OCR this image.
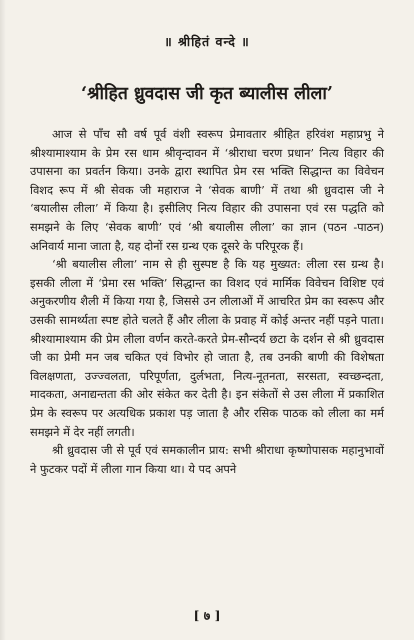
॥ श्रीहितं वन्दे ॥
‘श्रीहित ध्रुवदास जी कृत ब्यालीस लीला’

आज से पाँच सौ वर्ष पूर्व वंशी स्वरूप प्रेमावतार श्रीहित हरिवंश महाप्रभु ने श्रीश्यामाश्याम के प्रेम रस धाम श्रीवृन्दावन में ‘श्रीराधा चरण प्रधान’ नित्य विहार की उपासना का प्रवर्तन किया। उनके द्वारा स्थापित प्रेम रस भक्ति सिद्धान्त का विवेचन विशद रूप में श्री सेवक जी महाराज ने ‘सेवक बाणी’ में तथा श्री ध्रुवदास जी ने ‘बयालीस लीला’ में किया है। इसीलिए नित्य विहार की उपासना एवं रस पद्धति को समझने के लिए ‘सेवक बाणी’ एवं ‘श्री बयालीस लीला’ का ज्ञान (पठन -पाठन) अनिवार्य माना जाता है, यह दोनों रस ग्रन्थ एक दूसरे के परिपूरक हैं।

‘श्री बयालीस लीला’ नाम से ही सुस्पष्ट है कि यह मुख्यत: लीला रस ग्रन्थ है। इसकी लीला में ‘प्रेमा रस भक्ति’ सिद्धान्त का विशद एवं मार्मिक विवेचन विशिष्ट एवं अनुकरणीय शैली में किया गया है, जिससे उन लीलाओं में आचरित प्रेम का स्वरूप और उसकी सामर्थ्यता स्पष्ट होते चलते हैं और लीला के प्रवाह में कोई अन्तर नहीं पड़ने पाता। श्रीश्यामाश्याम की प्रेम लीला वर्णन करते-करते प्रेम-सौन्दर्य छटा के दर्शन से श्री ध्रुवदास जी का प्रेमी मन जब चकित एवं विभोर हो जाता है, तब उनकी बाणी की विशेषता विलक्षणता, उज्ज्वलता, परिपूर्णता, दुर्लभता, नित्य-नूतनता, सरसता, स्वच्छन्दता, मादकता, अनाद्यन्तता की ओर संकेत कर देती है। इन संकेतों से उस लीला में प्रकाशित प्रेम के स्वरूप पर अत्यधिक प्रकाश पड़ जाता है और रसिक पाठक को लीला का मर्म समझने में देर नहीं लगती।

श्री ध्रुवदास जी से पूर्व एवं समकालीन प्राय: सभी श्रीराधा कृष्णोपासक महानुभावों ने फुटकर पदों में लीला गान किया था। ये पद अपने

[ ७ ]
